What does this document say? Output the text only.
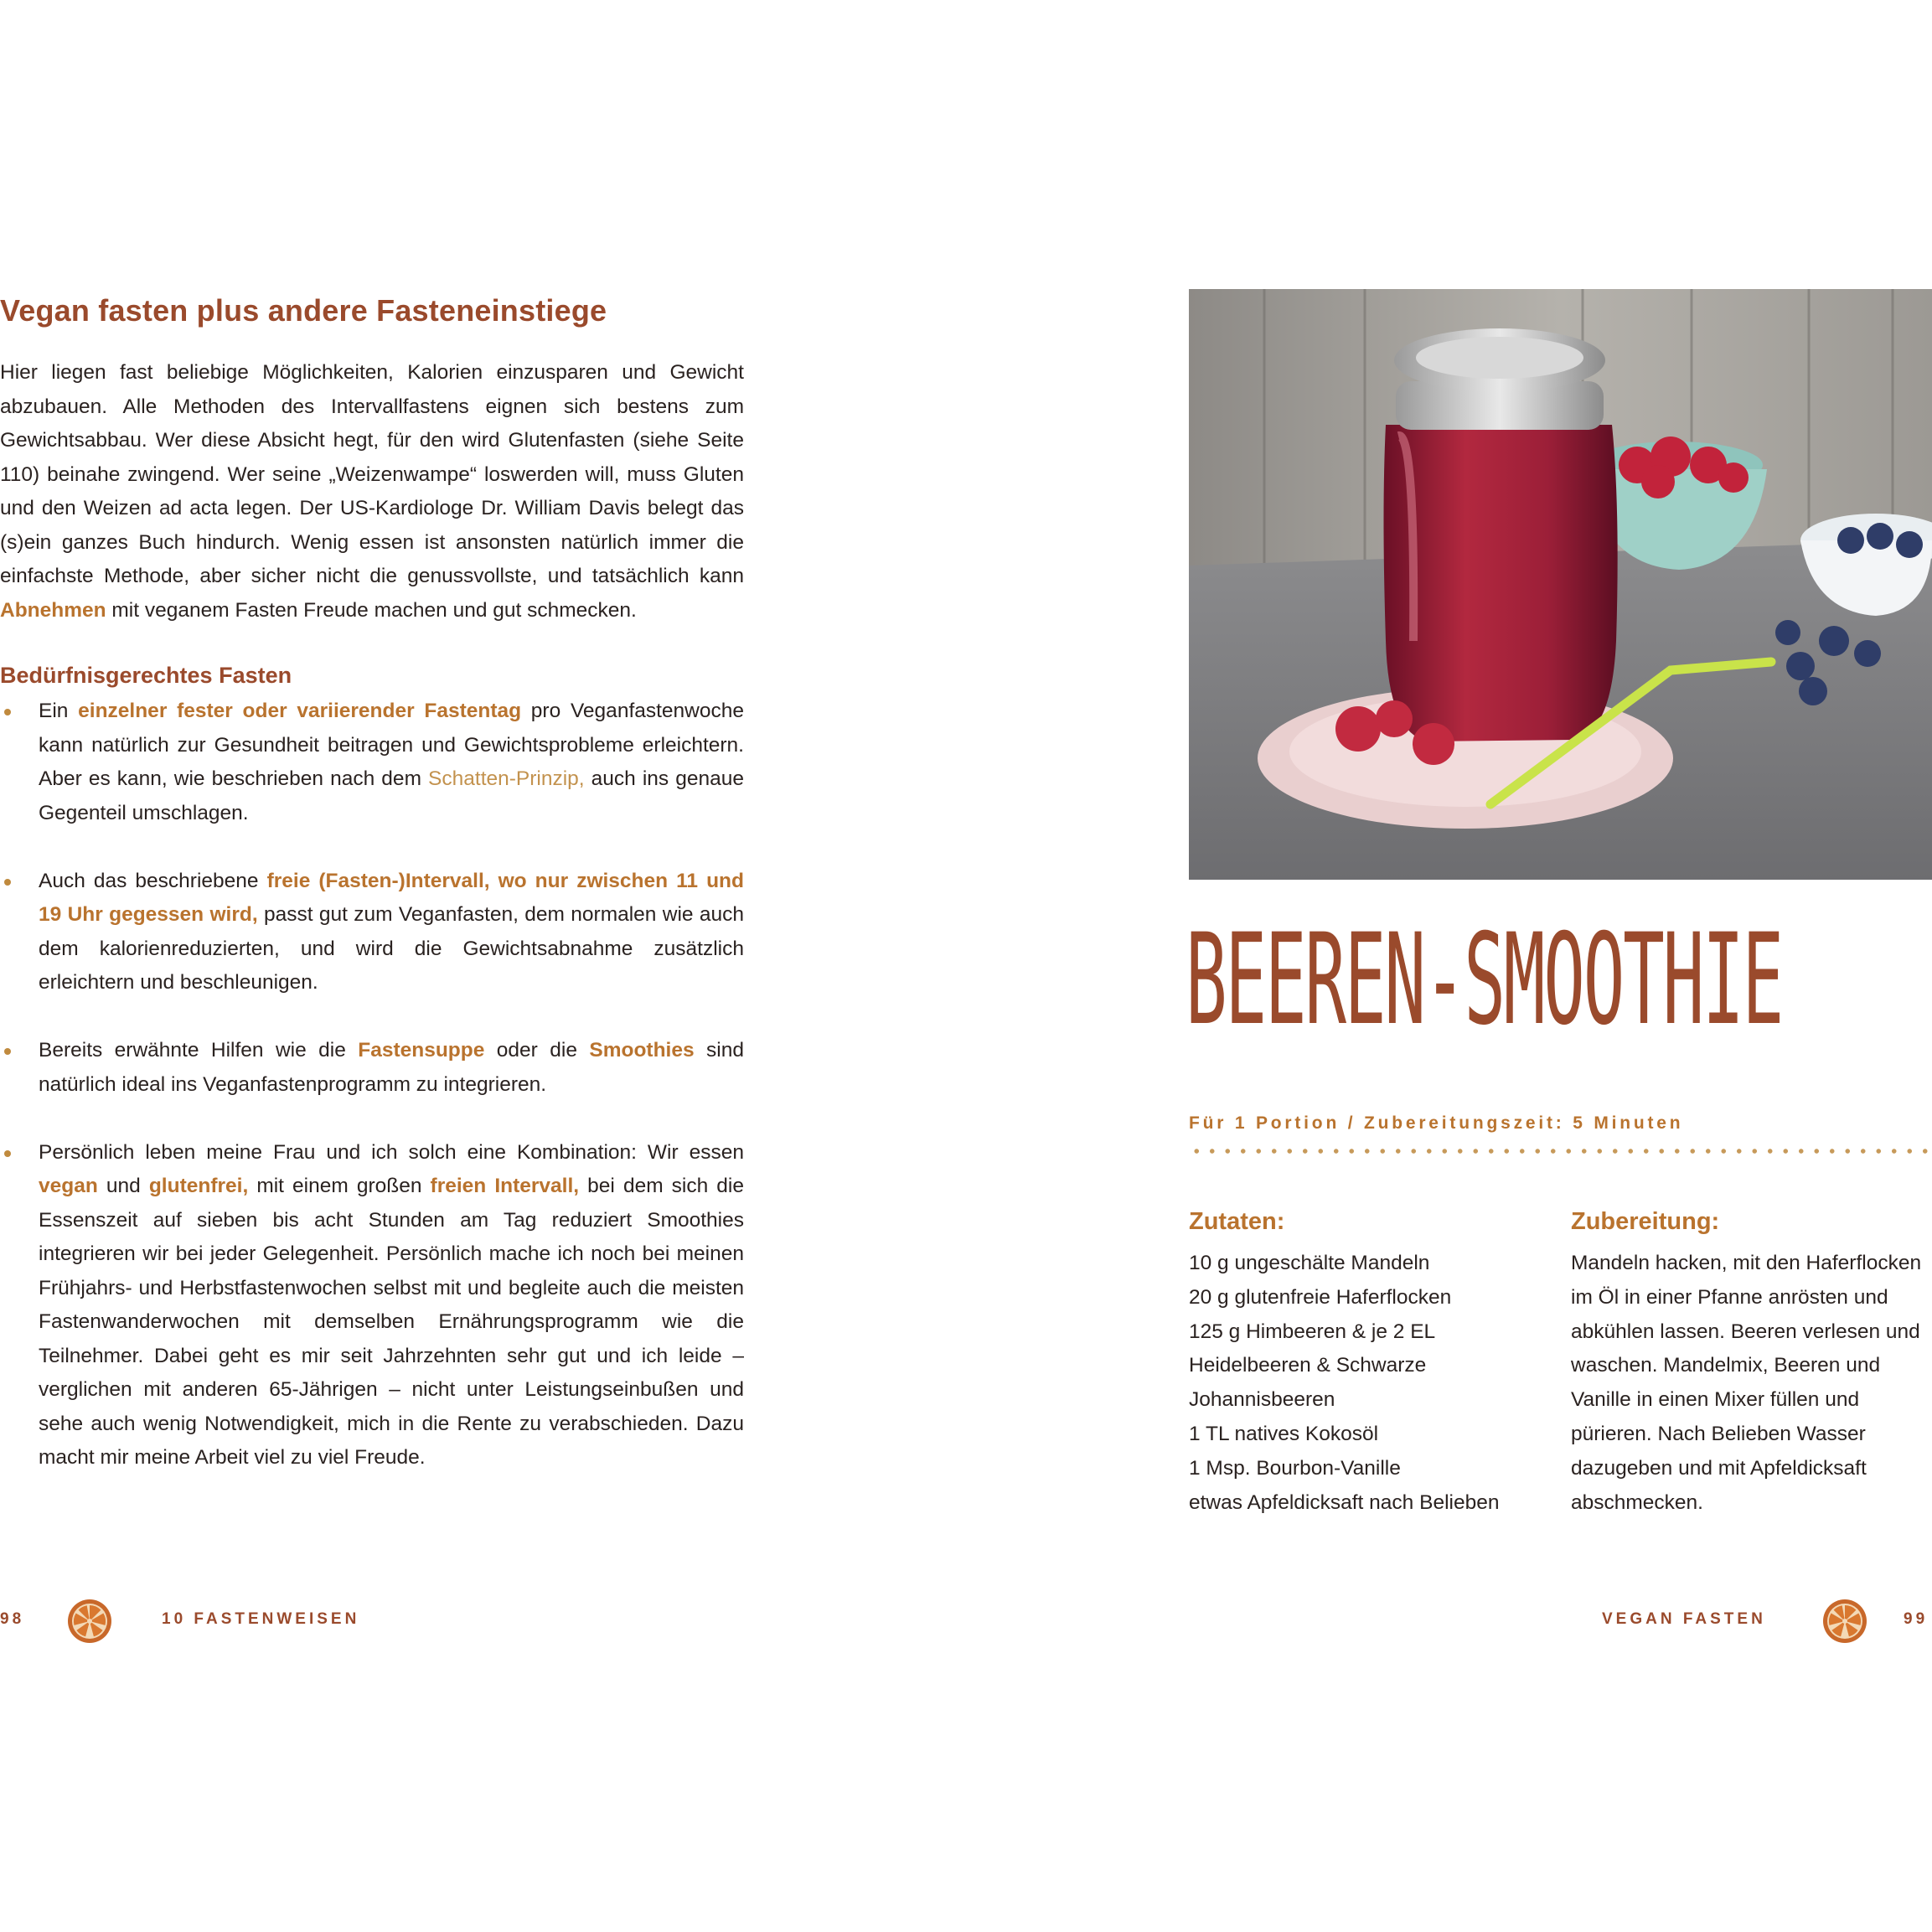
Vegan fasten plus andere Fasteneinstiege

Hier liegen fast beliebige Möglichkeiten, Kalorien einzusparen und Gewicht abzubauen. Alle Methoden des Intervallfastens eignen sich bestens zum Gewichtsabbau. Wer diese Absicht hegt, für den wird Glutenfasten (siehe Seite 110) beinahe zwingend. Wer seine „Weizenwampe“ loswerden will, muss Gluten und den Weizen ad acta legen. Der US-Kardiologe Dr. William Davis belegt das (s)ein ganzes Buch hindurch. Wenig essen ist ansonsten natürlich immer die einfachste Methode, aber sicher nicht die genussvollste, und tatsächlich kann Abnehmen mit veganem Fasten Freude machen und gut schmecken.

Bedürfnisgerechtes Fasten
Ein einzelner fester oder variierender Fastentag pro Veganfastenwoche kann natürlich zur Gesundheit beitragen und Gewichtsprobleme erleichtern. Aber es kann, wie beschrieben nach dem Schatten-Prinzip, auch ins genaue Gegenteil umschlagen.
Auch das beschriebene freie (Fasten-)Intervall, wo nur zwischen 11 und 19 Uhr gegessen wird, passt gut zum Veganfasten, dem normalen wie auch dem kalorienreduzierten, und wird die Gewichtsabnahme zusätzlich erleichtern und beschleunigen.
Bereits erwähnte Hilfen wie die Fastensuppe oder die Smoothies sind natürlich ideal ins Veganfastenprogramm zu integrieren.
Persönlich leben meine Frau und ich solch eine Kombination: Wir essen vegan und glutenfrei, mit einem großen freien Intervall, bei dem sich die Essenszeit auf sieben bis acht Stunden am Tag reduziert Smoothies integrieren wir bei jeder Gelegenheit. Persönlich mache ich noch bei meinen Frühjahrs- und Herbstfastenwochen selbst mit und begleite auch die meisten Fastenwanderwochen mit demselben Ernährungsprogramm wie die Teilnehmer. Dabei geht es mir seit Jahrzehnten sehr gut und ich leide – verglichen mit anderen 65-Jährigen – nicht unter Leistungseinbußen und sehe auch wenig Notwendigkeit, mich in die Rente zu verabschieden. Dazu macht mir meine Arbeit viel zu viel Freude.
98	10 FASTENWEISEN
BEEREN-SMOOTHIE
Für 1 Portion / Zubereitungszeit: 5 Minuten
Zutaten:
10 g ungeschälte Mandeln
20 g glutenfreie Haferflocken
125 g Himbeeren & je 2 EL Heidelbeeren & Schwarze Johannisbeeren
1 TL natives Kokosöl
1 Msp. Bourbon-Vanille
etwas Apfeldicksaft nach Belieben
Zubereitung:

Mandeln hacken, mit den Haferflocken im Öl in einer Pfanne anrösten und abkühlen lassen. Beeren verlesen und waschen. Mandelmix, Beeren und Vanille in einen Mixer füllen und pürieren. Nach Belieben Wasser dazugeben und mit Apfeldicksaft abschmecken.

VEGAN FASTEN	99
